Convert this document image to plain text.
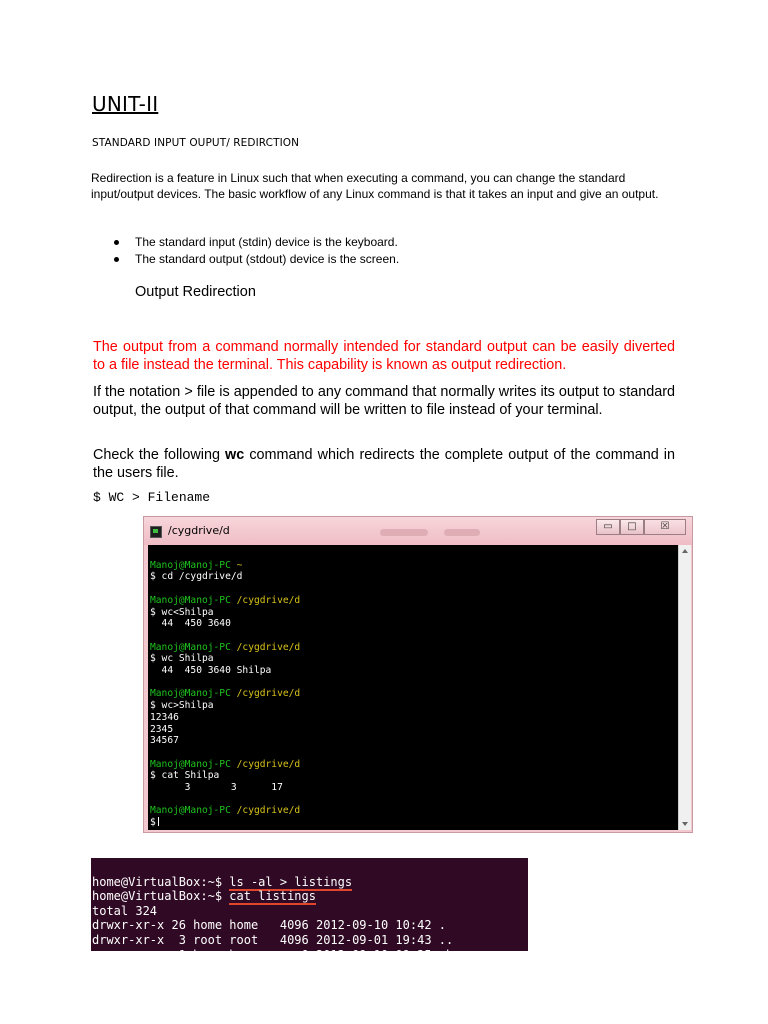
UNIT-II
STANDARD INPUT OUPUT/ REDIRCTION
Redirection is a feature in Linux such that when executing a command, you can change the standard input/output devices. The basic workflow of any Linux command is that it takes an input and give an output.
The standard input (stdin) device is the keyboard.
The standard output (stdout) device is the screen.
Output Redirection
The output from a command normally intended for standard output can be easily diverted to a file instead the terminal. This capability is known as output redirection.
If the notation > file is appended to any command that normally writes its output to standard output, the output of that command will be written to file instead of your terminal.
Check the following wc command which redirects the complete output of the command in the users file.
$ WC > Filename
/cygdrive/d	▭	□	☒

Manoj@Manoj-PC ~
$ cd /cygdrive/d

Manoj@Manoj-PC /cygdrive/d
$ wc<Shilpa
44  450 3640

Manoj@Manoj-PC /cygdrive/d
$ wc Shilpa
44  450 3640 Shilpa

Manoj@Manoj-PC /cygdrive/d
$ wc>Shilpa
12346
2345
34567

Manoj@Manoj-PC /cygdrive/d
$ cat Shilpa
3       3      17

Manoj@Manoj-PC /cygdrive/d
$

home@VirtualBox:~$ ls -al > listings
home@VirtualBox:~$ cat listings
total 324
drwxr-xr-x 26 home home   4096 2012-09-10 10:42 .
drwxr-xr-x  3 root root   4096 2012-09-01 19:43 ..
-rw-rw-r--  1 home home      0 2012-09-10 09:25 abc
